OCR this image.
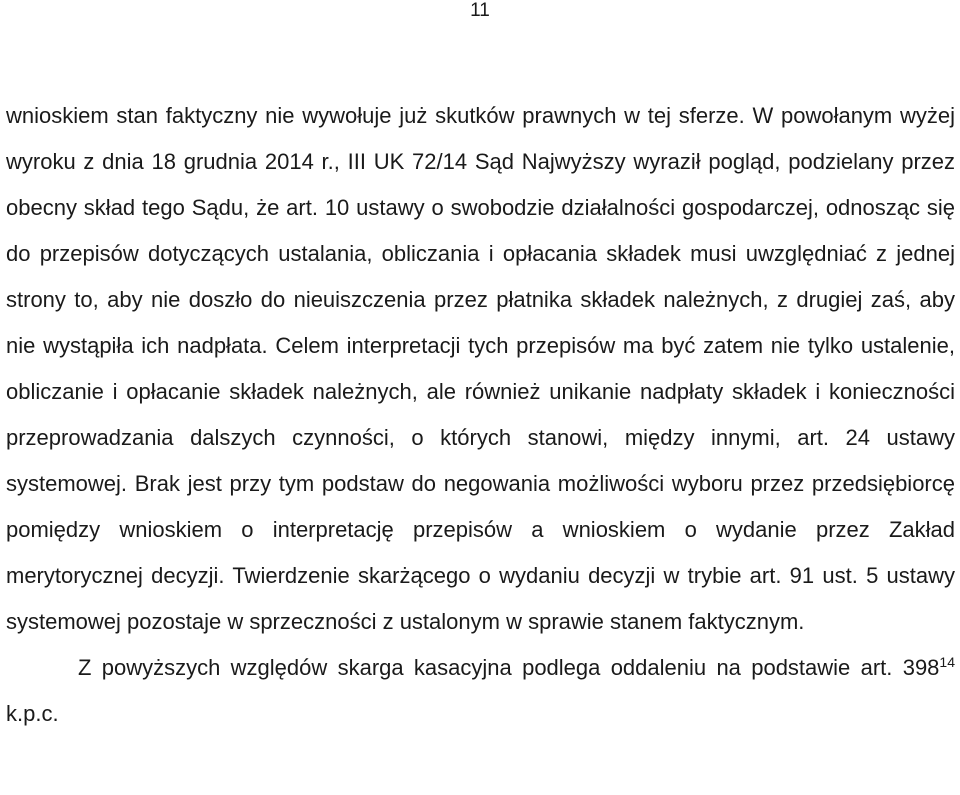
11

wnioskiem stan faktyczny nie wywołuje już skutków prawnych w tej sferze. W powołanym wyżej wyroku z dnia 18 grudnia 2014 r., III UK 72/14 Sąd Najwyższy wyraził pogląd, podzielany przez obecny skład tego Sądu, że art. 10 ustawy o swobodzie działalności gospodarczej, odnosząc się do przepisów dotyczących ustalania, obliczania i opłacania składek musi uwzględniać z jednej strony to, aby nie doszło do nieuiszczenia przez płatnika składek należnych, z drugiej zaś, aby nie wystąpiła ich nadpłata. Celem interpretacji tych przepisów ma być zatem nie tylko ustalenie, obliczanie i opłacanie składek należnych, ale również unikanie nadpłaty składek i konieczności przeprowadzania dalszych czynności, o których stanowi, między innymi, art. 24 ustawy systemowej. Brak jest przy tym podstaw do negowania możliwości wyboru przez przedsiębiorcę pomiędzy wnioskiem o interpretację przepisów a wnioskiem o wydanie przez Zakład merytorycznej decyzji. Twierdzenie skarżącego o wydaniu decyzji w trybie art. 91 ust. 5 ustawy systemowej pozostaje w sprzeczności z ustalonym w sprawie stanem faktycznym.

Z powyższych względów skarga kasacyjna podlega oddaleniu na podstawie art. $398^{14}$ k.p.c.
